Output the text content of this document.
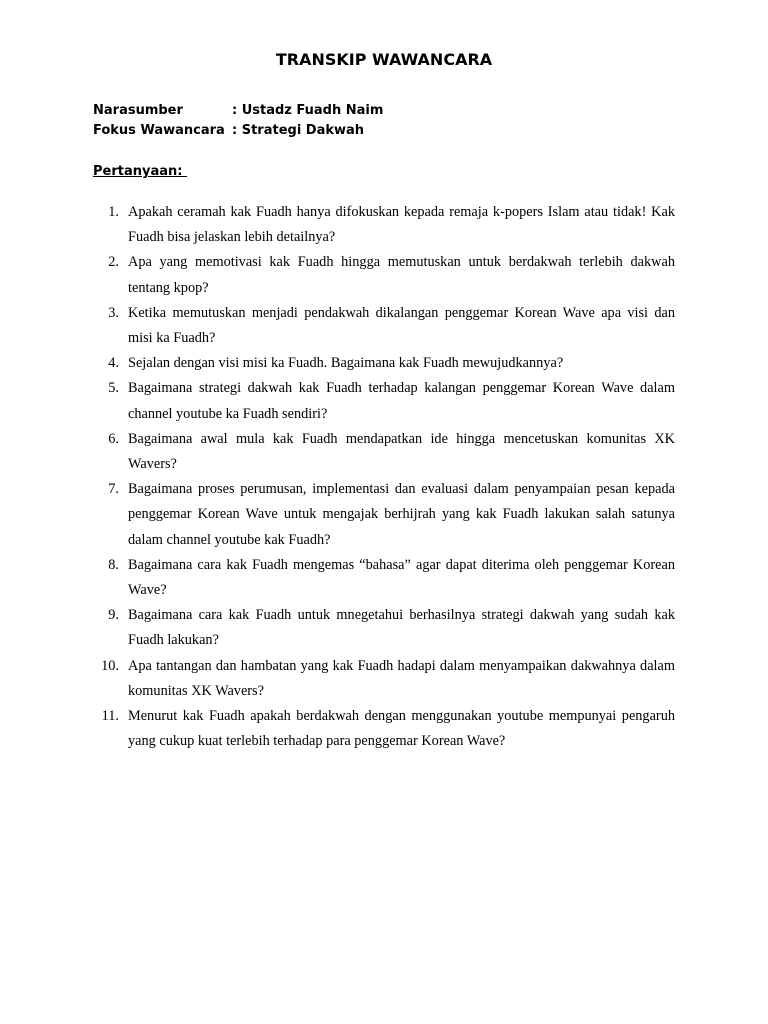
TRANSKIP WAWANCARA
Narasumber	: Ustadz Fuadh Naim
Fokus Wawancara : Strategi Dakwah
Pertanyaan:
1. Apakah ceramah kak Fuadh hanya difokuskan kepada remaja k-popers Islam atau tidak! Kak Fuadh bisa jelaskan lebih detailnya?
2. Apa yang memotivasi kak Fuadh hingga memutuskan untuk berdakwah terlebih dakwah tentang kpop?
3. Ketika memutuskan menjadi pendakwah dikalangan penggemar Korean Wave apa visi dan misi ka Fuadh?
4. Sejalan dengan visi misi ka Fuadh. Bagaimana kak Fuadh mewujudkannya?
5. Bagaimana strategi dakwah kak Fuadh terhadap kalangan penggemar Korean Wave dalam channel youtube ka Fuadh sendiri?
6. Bagaimana awal mula kak Fuadh mendapatkan ide hingga mencetuskan komunitas XK Wavers?
7. Bagaimana proses perumusan, implementasi dan evaluasi dalam penyampaian pesan kepada penggemar Korean Wave untuk mengajak berhijrah yang kak Fuadh lakukan salah satunya dalam channel youtube kak Fuadh?
8. Bagaimana cara kak Fuadh mengemas “bahasa” agar dapat diterima oleh penggemar Korean Wave?
9. Bagaimana cara kak Fuadh untuk mnegetahui berhasilnya strategi dakwah yang sudah kak Fuadh lakukan?
10. Apa tantangan dan hambatan yang kak Fuadh hadapi dalam menyampaikan dakwahnya dalam komunitas XK Wavers?
11. Menurut kak Fuadh apakah berdakwah dengan menggunakan youtube mempunyai pengaruh yang cukup kuat terlebih terhadap para penggemar Korean Wave?
